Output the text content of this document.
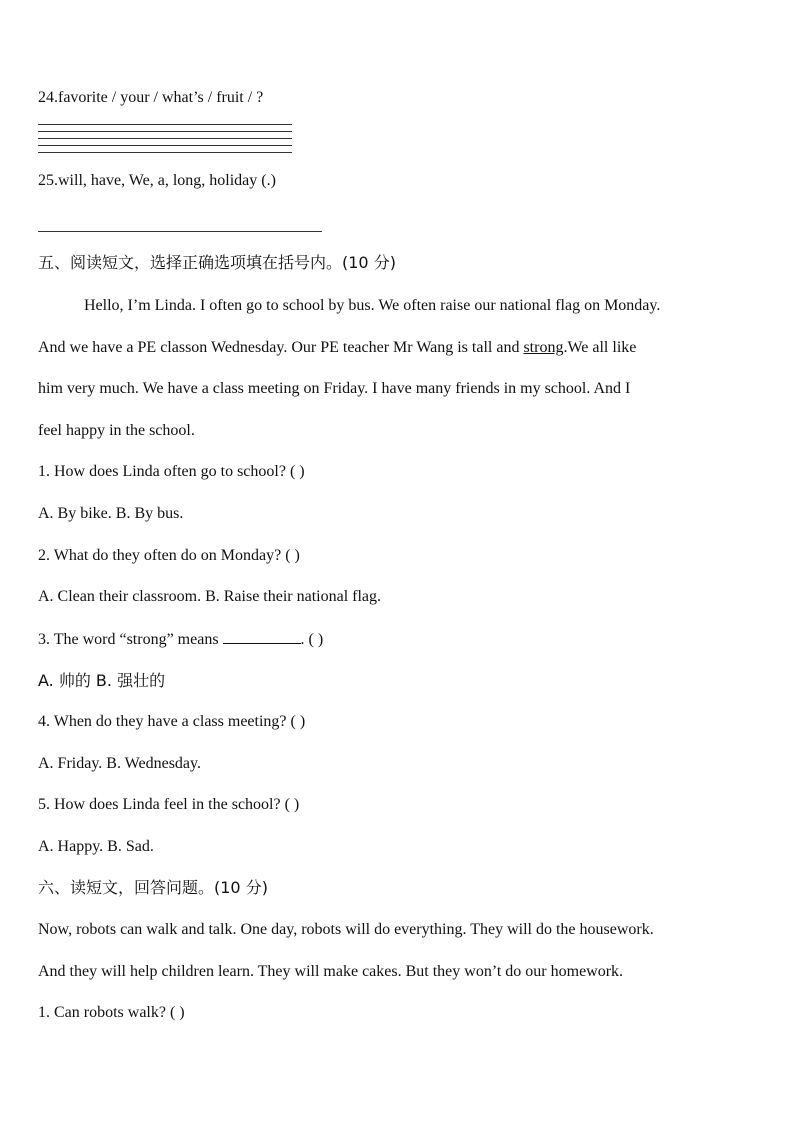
24.favorite / your / what’s / fruit / ?
25.will, have, We, a, long, holiday (.)
五、阅读短文，选择正确选项填在括号内。(10 分)
Hello, I’m Linda. I often go to school by bus. We often raise our national flag on Monday.
And we have a PE classon Wednesday. Our PE teacher Mr Wang is tall and strong.We all like
him very much. We have a class meeting on Friday. I have many friends in my school. And I
feel happy in the school.
1. How does Linda often go to school? ( )
A. By bike. B. By bus.
2. What do they often do on Monday? ( )
A. Clean their classroom. B. Raise their national flag.
3. The word “strong” means	. ( )
A. 帅的 B. 强壮的
4. When do they have a class meeting? ( )
A. Friday. B. Wednesday.
5. How does Linda feel in the school? ( )
A. Happy. B. Sad.
六、读短文，回答问题。(10 分)
Now, robots can walk and talk. One day, robots will do everything. They will do the housework.
And they will help children learn. They will make cakes. But they won’t do our homework.
1. Can robots walk? ( )
